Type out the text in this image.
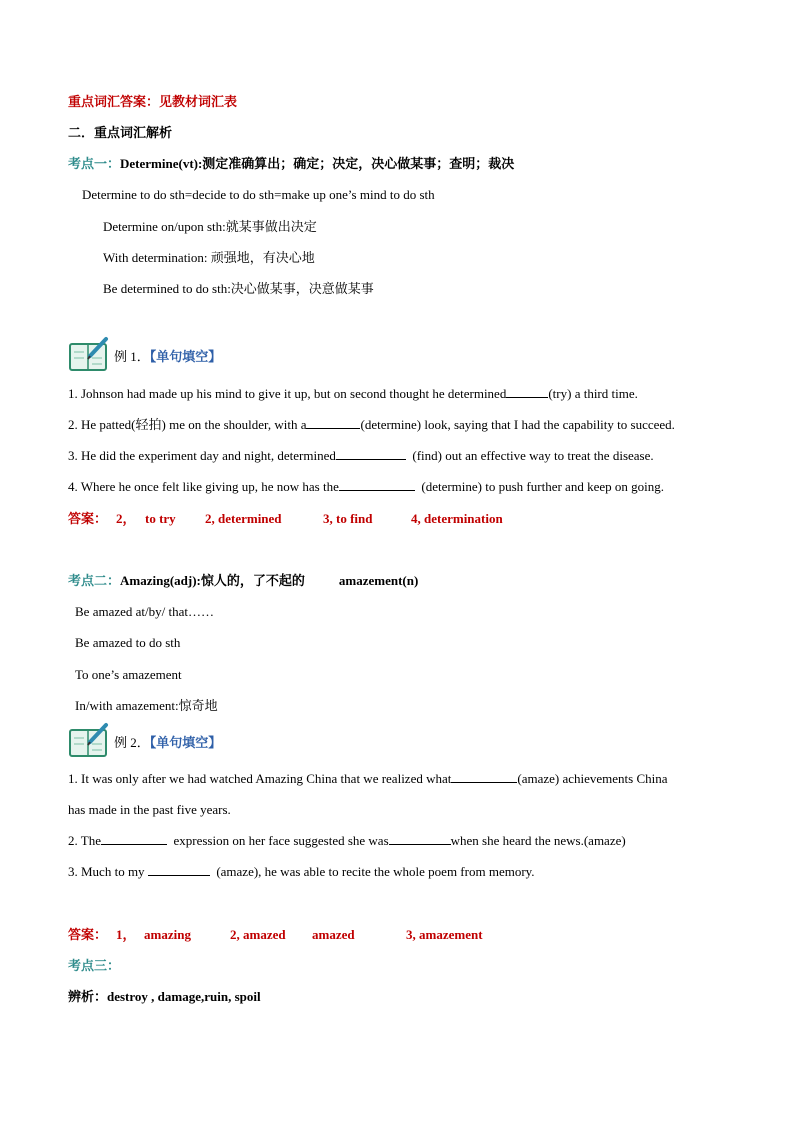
重点词汇答案：见教材词汇表
二．重点词汇解析
考点一：Determine(vt):测定准确算出；确定；决定，决心做某事；查明；裁决
Determine to do sth=decide to do sth=make up one’s mind to do sth
Determine on/upon sth:就某事做出决定
With determination: 顽强地，有决心地
Be determined to do sth:决心做某事，决意做某事
例 1．【单句填空】
1. Johnson had made up his mind to give it up, but on second thought he determined	(try) a third time.
2. He patted(轻拍) me on the shoulder, with a	(determine) look, saying that I had the capability to succeed.
3. He did the experiment day and night, determined	(find) out an effective way to treat the disease.
4. Where he once felt like giving up, he now has the	(determine) to push further and keep on going.
答案： 2， to try 2, determined	3, to find	4, determination
考点二：Amazing(adj):惊人的，了不起的	amazement(n)
Be amazed at/by/ that……
Be amazed to do sth
To one’s amazement
In/with amazement:惊奇地
例 2．【单句填空】
1. It was only after we had watched Amazing China that we realized what	(amaze) achievements China
has made in the past five years.
2. The	expression on her face suggested she was	when she heard the news.(amaze)
3. Much to my	(amaze), he was able to recite the whole poem from memory.
答案： 1， amazing	2, amazed amazed	3, amazement
考点三：
辨析：destroy , damage,ruin, spoil
